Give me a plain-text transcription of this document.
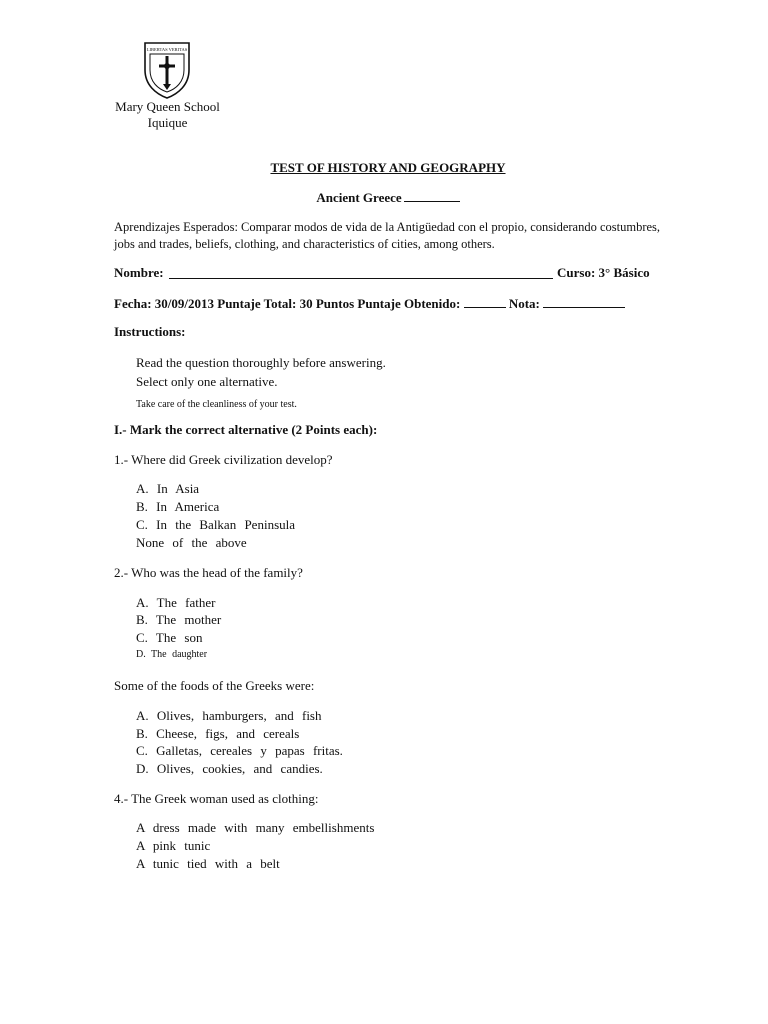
LIBERTAS VERITAS
Mary Queen School
Iquique
TEST OF HISTORY AND GEOGRAPHY
Ancient Greece
Aprendizajes Esperados: Comparar modos de vida de la Antigüedad con el propio, considerando costumbres,
jobs and trades, beliefs, clothing, and characteristics of cities, among others.
Nombre:	Curso: 3° Básico
Fecha: 30/09/2013 Puntaje Total: 30 Puntos Puntaje Obtenido:	Nota:
Instructions:
Read the question thoroughly before answering.
Select only one alternative.
Take care of the cleanliness of your test.
I.- Mark the correct alternative (2 Points each):
1.- Where did Greek civilization develop?
A. In Asia
B. In America
C. In the Balkan Peninsula
None of the above
2.- Who was the head of the family?
A. The father
B. The mother
C. The son
D. The daughter
Some of the foods of the Greeks were:
A. Olives, hamburgers, and fish
B. Cheese, figs, and cereals
C. Galletas, cereales y papas fritas.
D. Olives, cookies, and candies.
4.- The Greek woman used as clothing:
A dress made with many embellishments
A pink tunic
A tunic tied with a belt
